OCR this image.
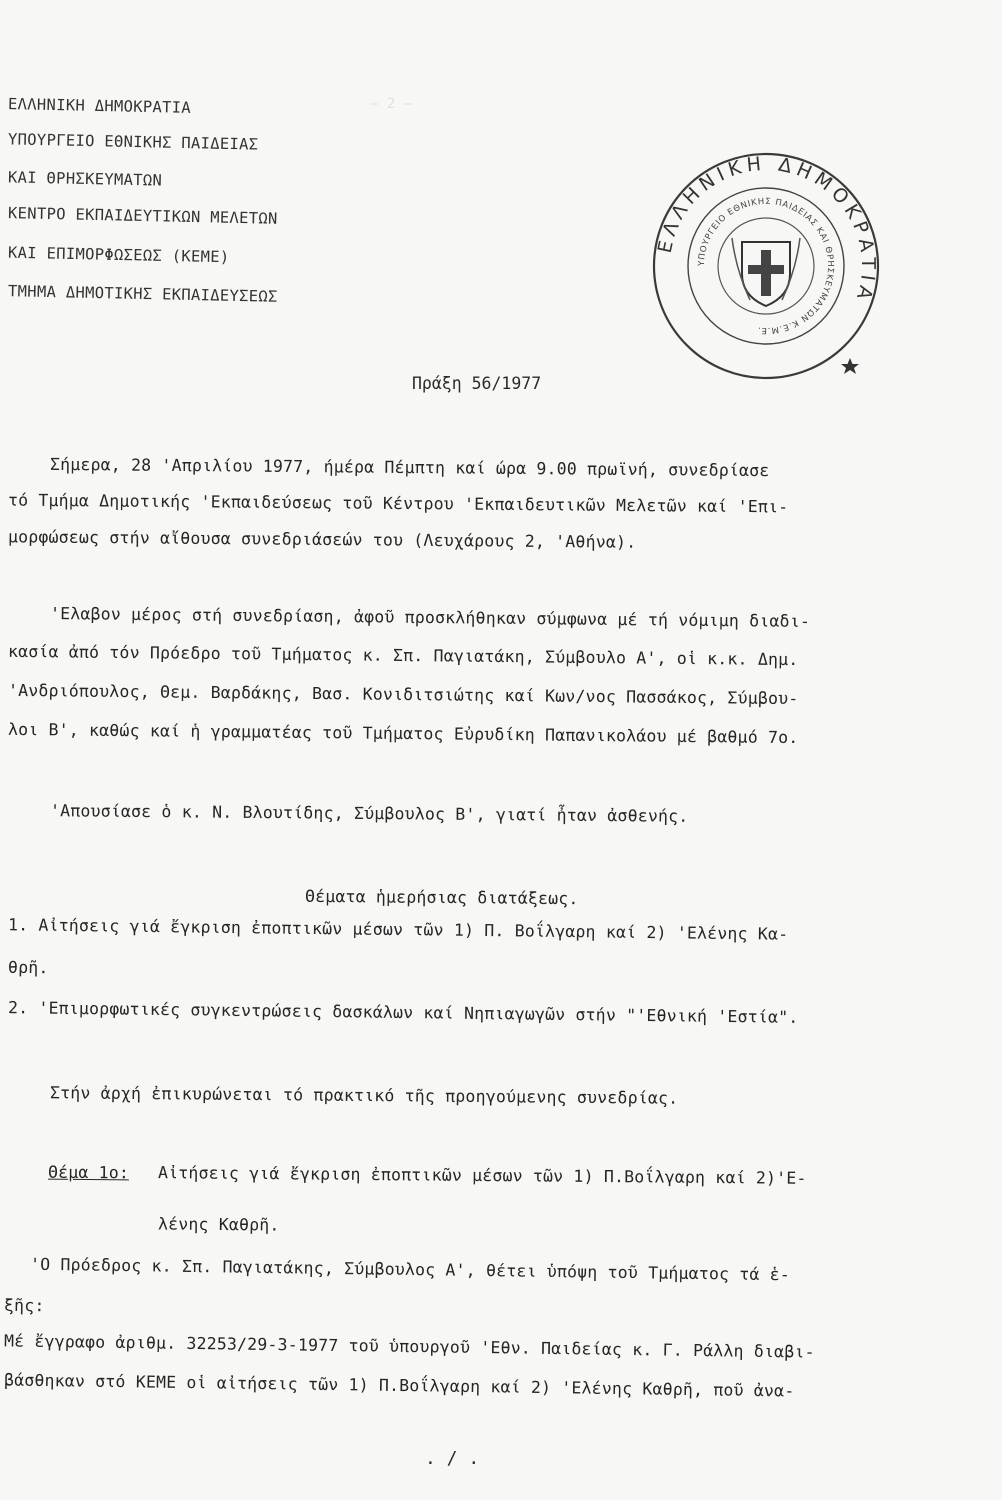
— 2 —
ΕΛΛΗΝΙΚΗ ΔΗΜΟΚΡΑΤΙΑ
ΥΠΟΥΡΓΕΙΟ ΕΘΝΙΚΗΣ ΠΑΙΔΕΙΑΣ
ΚΑΙ ΘΡΗΣΚΕΥΜΑΤΩΝ
ΚΕΝΤΡΟ ΕΚΠΑΙΔΕΥΤΙΚΩΝ ΜΕΛΕΤΩΝ
ΚΑΙ ΕΠΙΜΟΡΦΩΣΕΩΣ (ΚΕΜΕ)
ΤΜΗΜΑ ΔΗΜΟΤΙΚΗΣ ΕΚΠΑΙΔΕΥΣΕΩΣ
ΕΛΛΗΝΙΚΗ ΔΗΜΟΚΡΑΤΙΑ
ΥΠΟΥΡΓΕΙΟ ΕΘΝΙΚΗΣ ΠΑΙΔΕΙΑΣ ΚΑΙ ΘΡΗΣΚΕΥΜΑΤΩΝ Κ.Ε.Μ.Ε.
Πράξη 56/1977
Σήμερα, 28 'Απριλίου 1977, ήμέρα Πέμπτη καί ώρα 9.00 πρωϊνή, συνεδρίασε
τό Τμήμα Δημοτικής 'Εκπαιδεύσεως τοῦ Κέντρου 'Εκπαιδευτικῶν Μελετῶν καί 'Επι-
μορφώσεως στήν αἴθουσα συνεδριάσεών του (Λευχάρους 2, 'Αθήνα).
'Ελαβον μέρος στή συνεδρίαση, ἀφοῦ προσκλήθηκαν σύμφωνα μέ τή νόμιμη διαδι-
κασία ἀπό τόν Πρόεδρο τοῦ Τμήματος κ. Σπ. Παγιατάκη, Σύμβουλο Α', οἱ κ.κ. Δημ.
'Ανδριόπουλος, Θεμ. Βαρδάκης, Βασ. Κονιδιτσιώτης καί Κων/νος Πασσάκος, Σύμβου-
λοι Β', καθώς καί ἡ γραμματέας τοῦ Τμήματος Εὐρυδίκη Παπανικολάου μέ βαθμό 7ο.
'Απουσίασε ὁ κ. Ν. Βλουτίδης, Σύμβουλος Β', γιατί ἦταν ἀσθενής.
Θέματα ἡμερήσιας διατάξεως.
1. Αἰτήσεις γιά ἔγκριση ἐποπτικῶν μέσων τῶν 1) Π. Βοΐλγαρη καί 2) 'Ελένης Κα-
θρῆ.
2. 'Επιμορφωτικές συγκεντρώσεις δασκάλων καί Νηπιαγωγῶν στήν "'Εθνική 'Εστία".
Στήν ἀρχή ἐπικυρώνεται τό πρακτικό τῆς προηγούμενης συνεδρίας.
Θέμα 1ο: Αἰτήσεις γιά ἔγκριση ἐποπτικῶν μέσων τῶν 1) Π.Βοΐλγαρη καί 2)'Ε-
λένης Καθρῆ.
'Ο Πρόεδρος κ. Σπ. Παγιατάκης, Σύμβουλος Α', θέτει ὑπόψη τοῦ Τμήματος τά ἑ-
ξῆς:
Μέ ἔγγραφο ἀριθμ. 32253/29-3-1977 τοῦ ὑπουργοῦ 'Εθν. Παιδείας κ. Γ. Ράλλη διαβι-
βάσθηκαν στό ΚΕΜΕ οἱ αἰτήσεις τῶν 1) Π.Βοΐλγαρη καί 2) 'Ελένης Καθρῆ, ποῦ ἀνα-
. / .
